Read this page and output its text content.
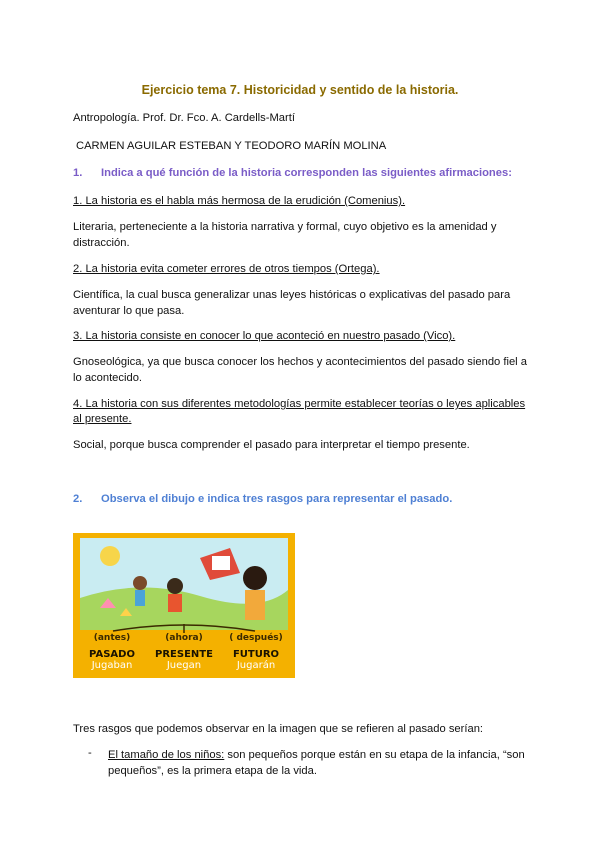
Ejercicio tema 7. Historicidad y sentido de la historia.
Antropología. Prof. Dr. Fco. A. Cardells-Martí
CARMEN AGUILAR ESTEBAN Y TEODORO MARÍN MOLINA
1. Indica a qué función de la historia corresponden las siguientes afirmaciones:
1. La historia es el habla más hermosa de la erudición (Comenius).
Literaria, perteneciente a la historia narrativa y formal, cuyo objetivo es la amenidad y
distracción.
2. La historia evita cometer errores de otros tiempos (Ortega).
Científica, la cual busca generalizar unas leyes históricas o explicativas del pasado para
aventurar lo que pasa.
3. La historia consiste en conocer lo que aconteció en nuestro pasado (Vico).
Gnoseológica, ya que busca conocer los hechos y acontecimientos del pasado siendo fiel a
lo acontecido.
4. La historia con sus diferentes metodologías permite establecer teorías o leyes aplicables
al presente.
Social, porque busca comprender el pasado para interpretar el tiempo presente.
2. Observa el dibujo e indica tres rasgos para representar el pasado.
(antes)
PASADO
Jugaban
(ahora)
PRESENTE
Juegan
( después)
FUTURO
Jugarán
Tres rasgos que podemos observar en la imagen que se refieren al pasado serían:
- El tamaño de los niños: son pequeños porque están en su etapa de la infancia, “son
pequeños”, es la primera etapa de la vida.
